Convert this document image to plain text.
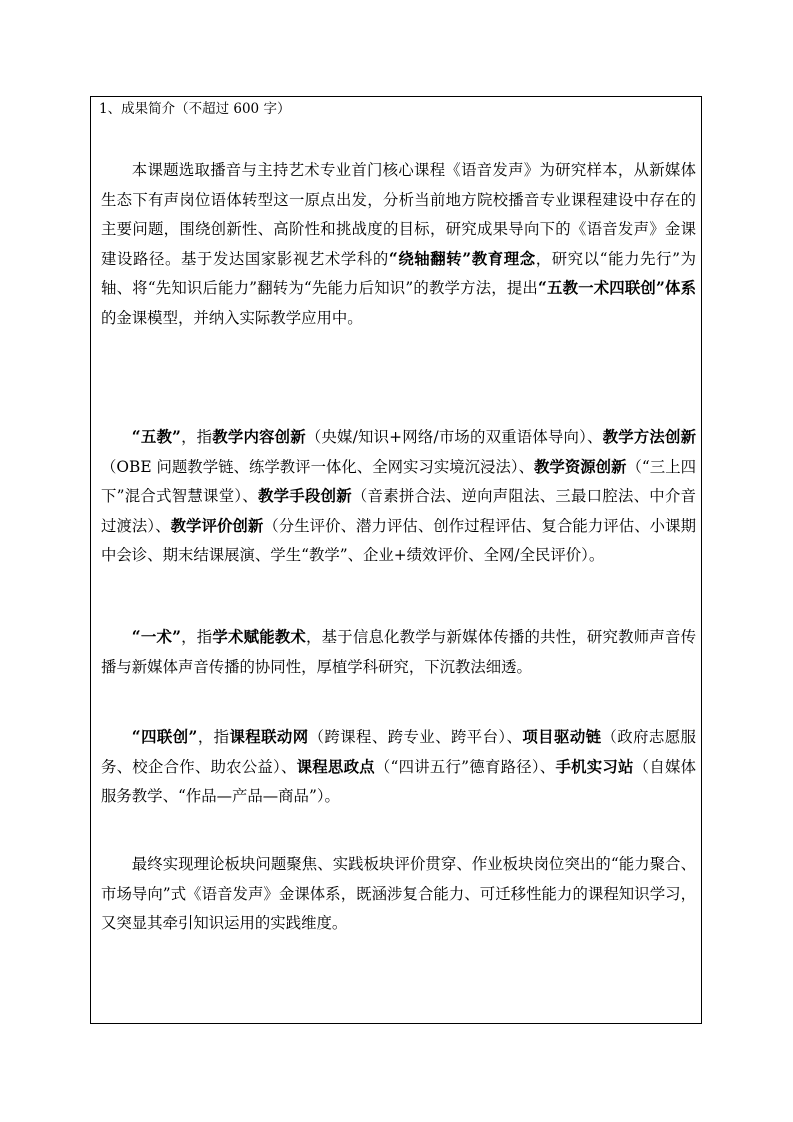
1、成果简介（不超过 600 字）

本课题选取播音与主持艺术专业首门核心课程《语音发声》为研究样本，从新媒体生态下有声岗位语体转型这一原点出发，分析当前地方院校播音专业课程建设中存在的主要问题，围绕创新性、高阶性和挑战度的目标，研究成果导向下的《语音发声》金课建设路径。基于发达国家影视艺术学科的“绕轴翻转”教育理念，研究以“能力先行”为轴、将“先知识后能力”翻转为“先能力后知识”的教学方法，提出“五教一术四联创”体系的金课模型，并纳入实际教学应用中。

“五教”，指教学内容创新（央媒/知识+网络/市场的双重语体导向）、教学方法创新（OBE 问题教学链、练学教评一体化、全网实习实境沉浸法）、教学资源创新（“三上四下”混合式智慧课堂）、教学手段创新（音素拼合法、逆向声阻法、三最口腔法、中介音过渡法）、教学评价创新（分生评价、潜力评估、创作过程评估、复合能力评估、小课期中会诊、期末结课展演、学生“教学”、企业+绩效评价、全网/全民评价）。

“一术”，指学术赋能教术，基于信息化教学与新媒体传播的共性，研究教师声音传播与新媒体声音传播的协同性，厚植学科研究，下沉教法细透。

“四联创”，指课程联动网（跨课程、跨专业、跨平台）、项目驱动链（政府志愿服务、校企合作、助农公益）、课程思政点（“四讲五行”德育路径）、手机实习站（自媒体服务教学、“作品—产品—商品”）。

最终实现理论板块问题聚焦、实践板块评价贯穿、作业板块岗位突出的“能力聚合、市场导向”式《语音发声》金课体系，既涵涉复合能力、可迁移性能力的课程知识学习，又突显其牵引知识运用的实践维度。
